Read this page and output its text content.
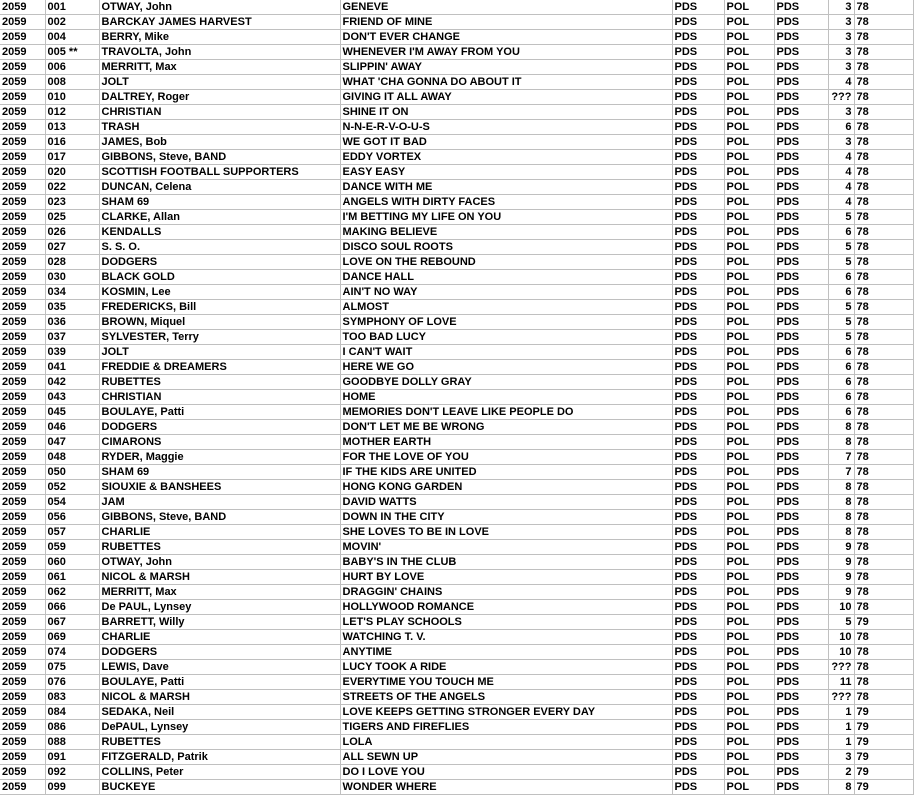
2059	001	OTWAY, John	GENEVE	PDS	POL	PDS	3	78
2059	002	BARCKAY JAMES HARVEST	FRIEND OF MINE	PDS	POL	PDS	3	78
2059	004	BERRY, Mike	DON'T EVER CHANGE	PDS	POL	PDS	3	78
2059	005 **	TRAVOLTA, John	WHENEVER I'M AWAY FROM YOU	PDS	POL	PDS	3	78
2059	006	MERRITT, Max	SLIPPIN' AWAY	PDS	POL	PDS	3	78
2059	008	JOLT	WHAT 'CHA GONNA DO ABOUT IT	PDS	POL	PDS	4	78
2059	010	DALTREY, Roger	GIVING IT ALL AWAY	PDS	POL	PDS	???	78
2059	012	CHRISTIAN	SHINE IT ON	PDS	POL	PDS	3	78
2059	013	TRASH	N-N-E-R-V-O-U-S	PDS	POL	PDS	6	78
2059	016	JAMES, Bob	WE GOT IT BAD	PDS	POL	PDS	3	78
2059	017	GIBBONS, Steve, BAND	EDDY VORTEX	PDS	POL	PDS	4	78
2059	020	SCOTTISH FOOTBALL SUPPORTERS	EASY EASY	PDS	POL	PDS	4	78
2059	022	DUNCAN, Celena	DANCE WITH ME	PDS	POL	PDS	4	78
2059	023	SHAM 69	ANGELS WITH DIRTY FACES	PDS	POL	PDS	4	78
2059	025	CLARKE, Allan	I'M BETTING MY LIFE ON YOU	PDS	POL	PDS	5	78
2059	026	KENDALLS	MAKING BELIEVE	PDS	POL	PDS	6	78
2059	027	S. S. O.	DISCO SOUL ROOTS	PDS	POL	PDS	5	78
2059	028	DODGERS	LOVE ON THE REBOUND	PDS	POL	PDS	5	78
2059	030	BLACK GOLD	DANCE HALL	PDS	POL	PDS	6	78
2059	034	KOSMIN, Lee	AIN'T NO WAY	PDS	POL	PDS	6	78
2059	035	FREDERICKS, Bill	ALMOST	PDS	POL	PDS	5	78
2059	036	BROWN, Miquel	SYMPHONY OF LOVE	PDS	POL	PDS	5	78
2059	037	SYLVESTER, Terry	TOO BAD LUCY	PDS	POL	PDS	5	78
2059	039	JOLT	I CAN'T WAIT	PDS	POL	PDS	6	78
2059	041	FREDDIE & DREAMERS	HERE WE GO	PDS	POL	PDS	6	78
2059	042	RUBETTES	GOODBYE DOLLY GRAY	PDS	POL	PDS	6	78
2059	043	CHRISTIAN	HOME	PDS	POL	PDS	6	78
2059	045	BOULAYE, Patti	MEMORIES DON'T LEAVE LIKE PEOPLE DO	PDS	POL	PDS	6	78
2059	046	DODGERS	DON'T LET ME BE WRONG	PDS	POL	PDS	8	78
2059	047	CIMARONS	MOTHER EARTH	PDS	POL	PDS	8	78
2059	048	RYDER, Maggie	FOR THE LOVE OF YOU	PDS	POL	PDS	7	78
2059	050	SHAM 69	IF THE KIDS ARE UNITED	PDS	POL	PDS	7	78
2059	052	SIOUXIE & BANSHEES	HONG KONG GARDEN	PDS	POL	PDS	8	78
2059	054	JAM	DAVID WATTS	PDS	POL	PDS	8	78
2059	056	GIBBONS, Steve, BAND	DOWN IN THE CITY	PDS	POL	PDS	8	78
2059	057	CHARLIE	SHE LOVES TO BE IN LOVE	PDS	POL	PDS	8	78
2059	059	RUBETTES	MOVIN'	PDS	POL	PDS	9	78
2059	060	OTWAY, John	BABY'S IN THE CLUB	PDS	POL	PDS	9	78
2059	061	NICOL & MARSH	HURT BY LOVE	PDS	POL	PDS	9	78
2059	062	MERRITT, Max	DRAGGIN' CHAINS	PDS	POL	PDS	9	78
2059	066	De PAUL, Lynsey	HOLLYWOOD ROMANCE	PDS	POL	PDS	10	78
2059	067	BARRETT, Willy	LET'S PLAY SCHOOLS	PDS	POL	PDS	5	79
2059	069	CHARLIE	WATCHING T. V.	PDS	POL	PDS	10	78
2059	074	DODGERS	ANYTIME	PDS	POL	PDS	10	78
2059	075	LEWIS, Dave	LUCY TOOK A RIDE	PDS	POL	PDS	???	78
2059	076	BOULAYE, Patti	EVERYTIME YOU TOUCH ME	PDS	POL	PDS	11	78
2059	083	NICOL & MARSH	STREETS OF THE ANGELS	PDS	POL	PDS	???	78
2059	084	SEDAKA, Neil	LOVE KEEPS GETTING STRONGER EVERY DAY	PDS	POL	PDS	1	79
2059	086	DePAUL, Lynsey	TIGERS AND FIREFLIES	PDS	POL	PDS	1	79
2059	088	RUBETTES	LOLA	PDS	POL	PDS	1	79
2059	091	FITZGERALD, Patrik	ALL SEWN UP	PDS	POL	PDS	3	79
2059	092	COLLINS, Peter	DO I LOVE YOU	PDS	POL	PDS	2	79
2059	099	BUCKEYE	WONDER WHERE	PDS	POL	PDS	8	79
